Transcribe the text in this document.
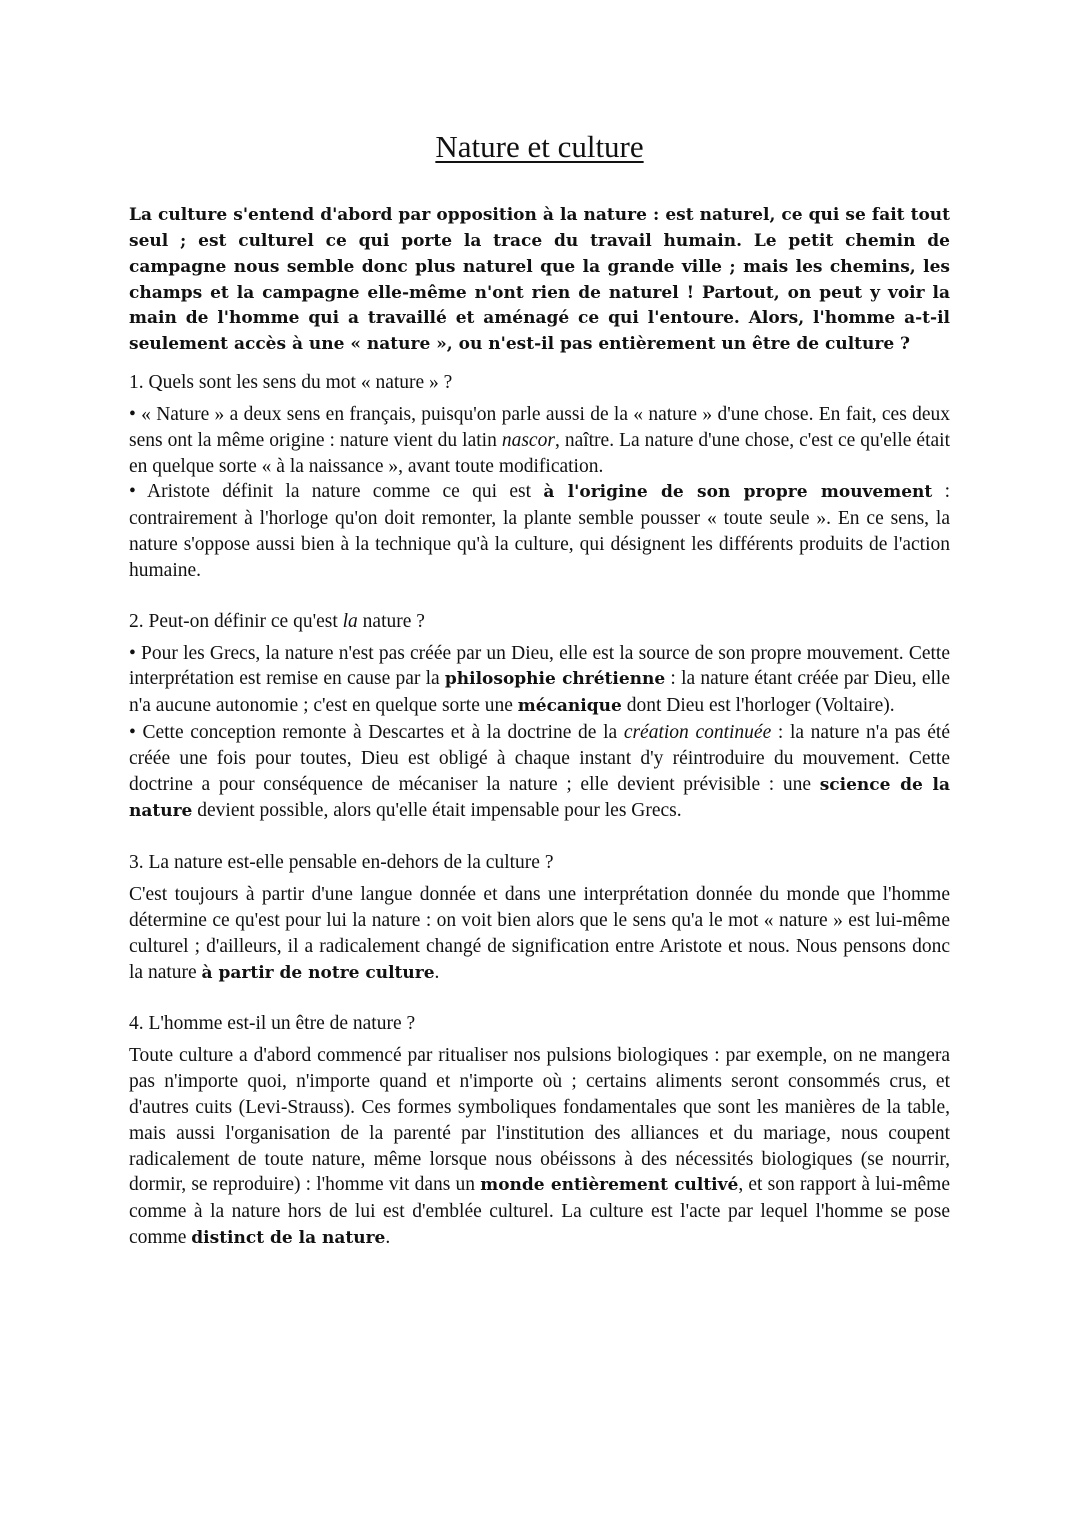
Nature et culture

La culture s'entend d'abord par opposition à la nature : est naturel, ce qui se fait tout seul ; est culturel ce qui porte la trace du travail humain. Le petit chemin de campagne nous semble donc plus naturel que la grande ville ; mais les chemins, les champs et la campagne elle-même n'ont rien de naturel ! Partout, on peut y voir la main de l'homme qui a travaillé et aménagé ce qui l'entoure. Alors, l'homme a-t-il seulement accès à une « nature », ou n'est-il pas entièrement un être de culture ?

1. Quels sont les sens du mot « nature » ?

• « Nature » a deux sens en français, puisqu'on parle aussi de la « nature » d'une chose. En fait, ces deux sens ont la même origine : nature vient du latin nascor, naître. La nature d'une chose, c'est ce qu'elle était en quelque sorte « à la naissance », avant toute modification.

• Aristote définit la nature comme ce qui est à l'origine de son propre mouvement : contrairement à l'horloge qu'on doit remonter, la plante semble pousser « toute seule ». En ce sens, la nature s'oppose aussi bien à la technique qu'à la culture, qui désignent les différents produits de l'action humaine.

2. Peut-on définir ce qu'est la nature ?

• Pour les Grecs, la nature n'est pas créée par un Dieu, elle est la source de son propre mouvement. Cette interprétation est remise en cause par la philosophie chrétienne : la nature étant créée par Dieu, elle n'a aucune autonomie ; c'est en quelque sorte une mécanique dont Dieu est l'horloger (Voltaire).

• Cette conception remonte à Descartes et à la doctrine de la création continuée : la nature n'a pas été créée une fois pour toutes, Dieu est obligé à chaque instant d'y réintroduire du mouvement. Cette doctrine a pour conséquence de mécaniser la nature ; elle devient prévisible : une science de la nature devient possible, alors qu'elle était impensable pour les Grecs.

3. La nature est-elle pensable en-dehors de la culture ?

C'est toujours à partir d'une langue donnée et dans une interprétation donnée du monde que l'homme détermine ce qu'est pour lui la nature : on voit bien alors que le sens qu'a le mot « nature » est lui-même culturel ; d'ailleurs, il a radicalement changé de signification entre Aristote et nous. Nous pensons donc la nature à partir de notre culture.

4. L'homme est-il un être de nature ?

Toute culture a d'abord commencé par ritualiser nos pulsions biologiques : par exemple, on ne mangera pas n'importe quoi, n'importe quand et n'importe où ; certains aliments seront consommés crus, et d'autres cuits (Levi-Strauss). Ces formes symboliques fondamentales que sont les manières de la table, mais aussi l'organisation de la parenté par l'institution des alliances et du mariage, nous coupent radicalement de toute nature, même lorsque nous obéissons à des nécessités biologiques (se nourrir, dormir, se reproduire) : l'homme vit dans un monde entièrement cultivé, et son rapport à lui-même comme à la nature hors de lui est d'emblée culturel. La culture est l'acte par lequel l'homme se pose comme distinct de la nature.
